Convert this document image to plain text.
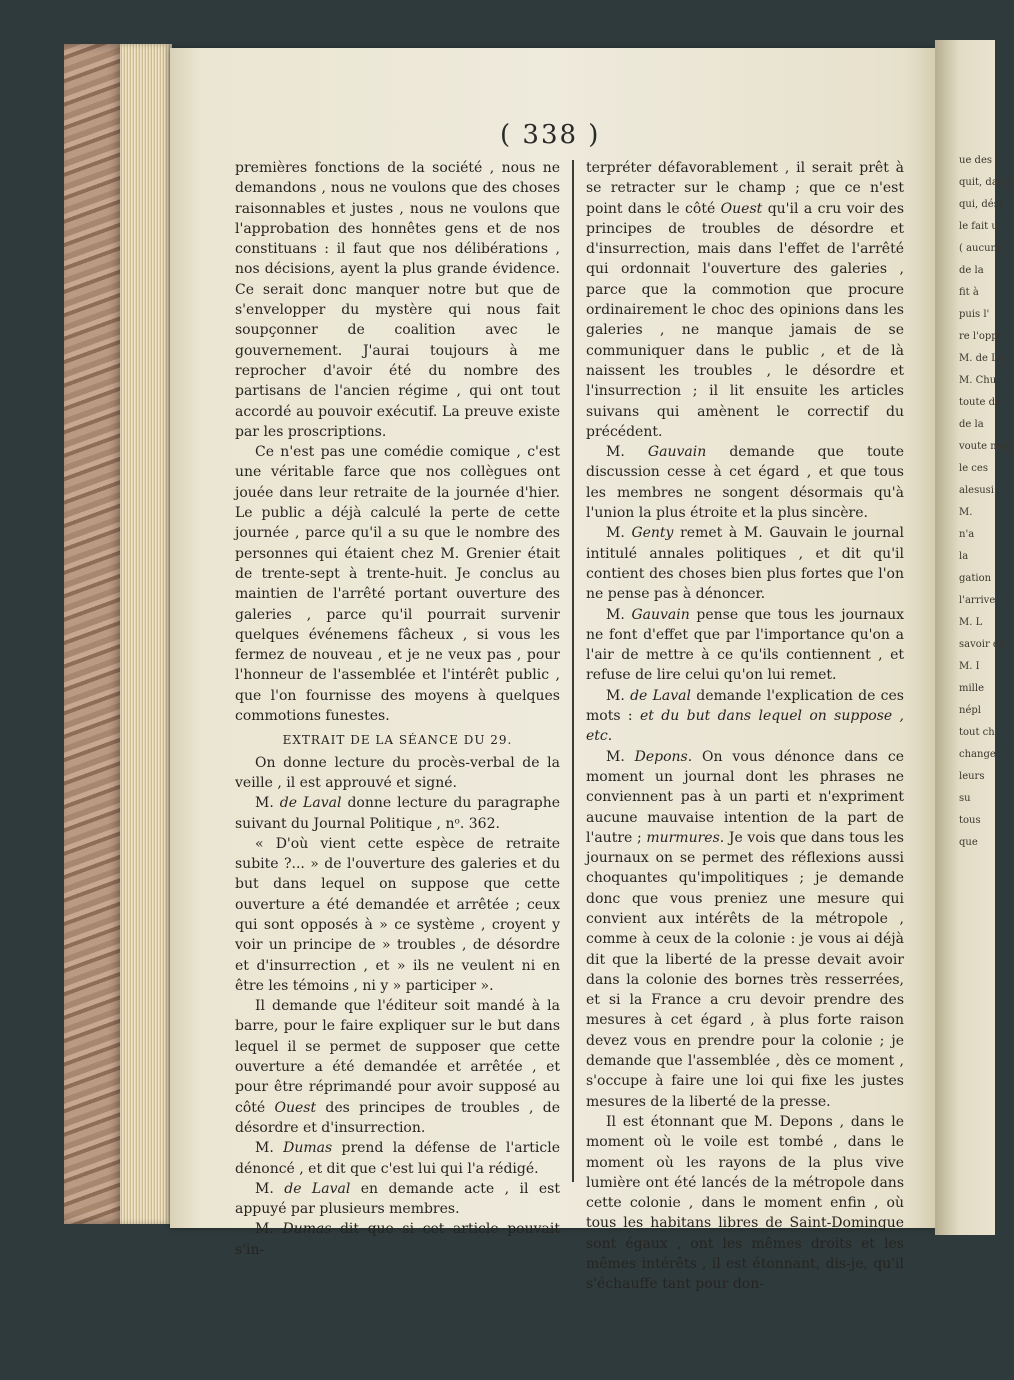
ue des l
quit, dans
qui, dési
le fait ui
( aucune
de la
fit à
puis l'
re l'oppr
M. de La
M. Chu
toute de
de la
voute mais
le ces
alesusi
M.
n'a
la
gation
l'arrive
M. L
savoir de
M. I
mille
népl
tout ch
change
leurs
su
tous
que
( 338 )

premières fonctions de la société , nous ne demandons , nous ne voulons que des choses raisonnables et justes , nous ne voulons que l'approbation des honnêtes gens et de nos constituans : il faut que nos délibérations , nos décisions, ayent la plus grande évidence. Ce serait donc manquer notre but que de s'envelopper du mystère qui nous fait soupçonner de coalition avec le gouvernement. J'aurai toujours à me reprocher d'avoir été du nombre des partisans de l'ancien régime , qui ont tout accordé au pouvoir exécutif. La preuve existe par les proscriptions.

Ce n'est pas une comédie comique , c'est une véritable farce que nos collègues ont jouée dans leur retraite de la journée d'hier. Le public a déjà calculé la perte de cette journée , parce qu'il a su que le nombre des personnes qui étaient chez M. Grenier était de trente-sept à trente-huit. Je conclus au maintien de l'arrêté portant ouverture des galeries , parce qu'il pourrait survenir quelques événemens fâcheux , si vous les fermez de nouveau , et je ne veux pas , pour l'honneur de l'assemblée et l'intérêt public , que l'on fournisse des moyens à quelques commotions funestes.

EXTRAIT DE LA SÉANCE DU 29.

On donne lecture du procès-verbal de la veille , il est approuvé et signé.

M. de Laval donne lecture du paragraphe suivant du Journal Politique , nᵒ. 362.

« D'où vient cette espèce de retraite subite ?... » de l'ouverture des galeries et du but dans lequel on suppose que cette ouverture a été demandée et arrêtée ; ceux qui sont opposés à » ce système , croyent y voir un principe de » troubles , de désordre et d'insurrection , et » ils ne veulent ni en être les témoins , ni y » participer ».

Il demande que l'éditeur soit mandé à la barre, pour le faire expliquer sur le but dans lequel il se permet de supposer que cette ouverture a été demandée et arrêtée , et pour être réprimandé pour avoir supposé au côté Ouest des principes de troubles , de désordre et d'insurrection.

M. Dumas prend la défense de l'article dénoncé , et dit que c'est lui qui l'a rédigé.

M. de Laval en demande acte , il est appuyé par plusieurs membres.

M. Dumas dit que si cet article pouvait s'in-

terpréter défavorablement , il serait prêt à se retracter sur le champ ; que ce n'est point dans le côté Ouest qu'il a cru voir des principes de troubles de désordre et d'insurrection, mais dans l'effet de l'arrêté qui ordonnait l'ouverture des galeries , parce que la commotion que procure ordinairement le choc des opinions dans les galeries , ne manque jamais de se communiquer dans le public , et de là naissent les troubles , le désordre et l'insurrection ; il lit ensuite les articles suivans qui amènent le correctif du précédent.

M. Gauvain demande que toute discussion cesse à cet égard , et que tous les membres ne songent désormais qu'à l'union la plus étroite et la plus sincère.

M. Genty remet à M. Gauvain le journal intitulé annales politiques , et dit qu'il contient des choses bien plus fortes que l'on ne pense pas à dénoncer.

M. Gauvain pense que tous les journaux ne font d'effet que par l'importance qu'on a l'air de mettre à ce qu'ils contiennent , et refuse de lire celui qu'on lui remet.

M. de Laval demande l'explication de ces mots : et du but dans lequel on suppose , etc.

M. Depons. On vous dénonce dans ce moment un journal dont les phrases ne conviennent pas à un parti et n'expriment aucune mauvaise intention de la part de l'autre ; murmures. Je vois que dans tous les journaux on se permet des réflexions aussi choquantes qu'impolitiques ; je demande donc que vous preniez une mesure qui convient aux intérêts de la métropole , comme à ceux de la colonie : je vous ai déjà dit que la liberté de la presse devait avoir dans la colonie des bornes très resserrées, et si la France a cru devoir prendre des mesures à cet égard , à plus forte raison devez vous en prendre pour la colonie ; je demande que l'assemblée , dès ce moment , s'occupe à faire une loi qui fixe les justes mesures de la liberté de la presse.

Il est étonnant que M. Depons , dans le moment où le voile est tombé , dans le moment où les rayons de la plus vive lumière ont été lancés de la métropole dans cette colonie , dans le moment enfin , où tous les habitans libres de Saint-Domingue sont égaux , ont les mêmes droits et les mêmes intérêts , il est étonnant, dis-je, qu'il s'échauffe tant pour don-
